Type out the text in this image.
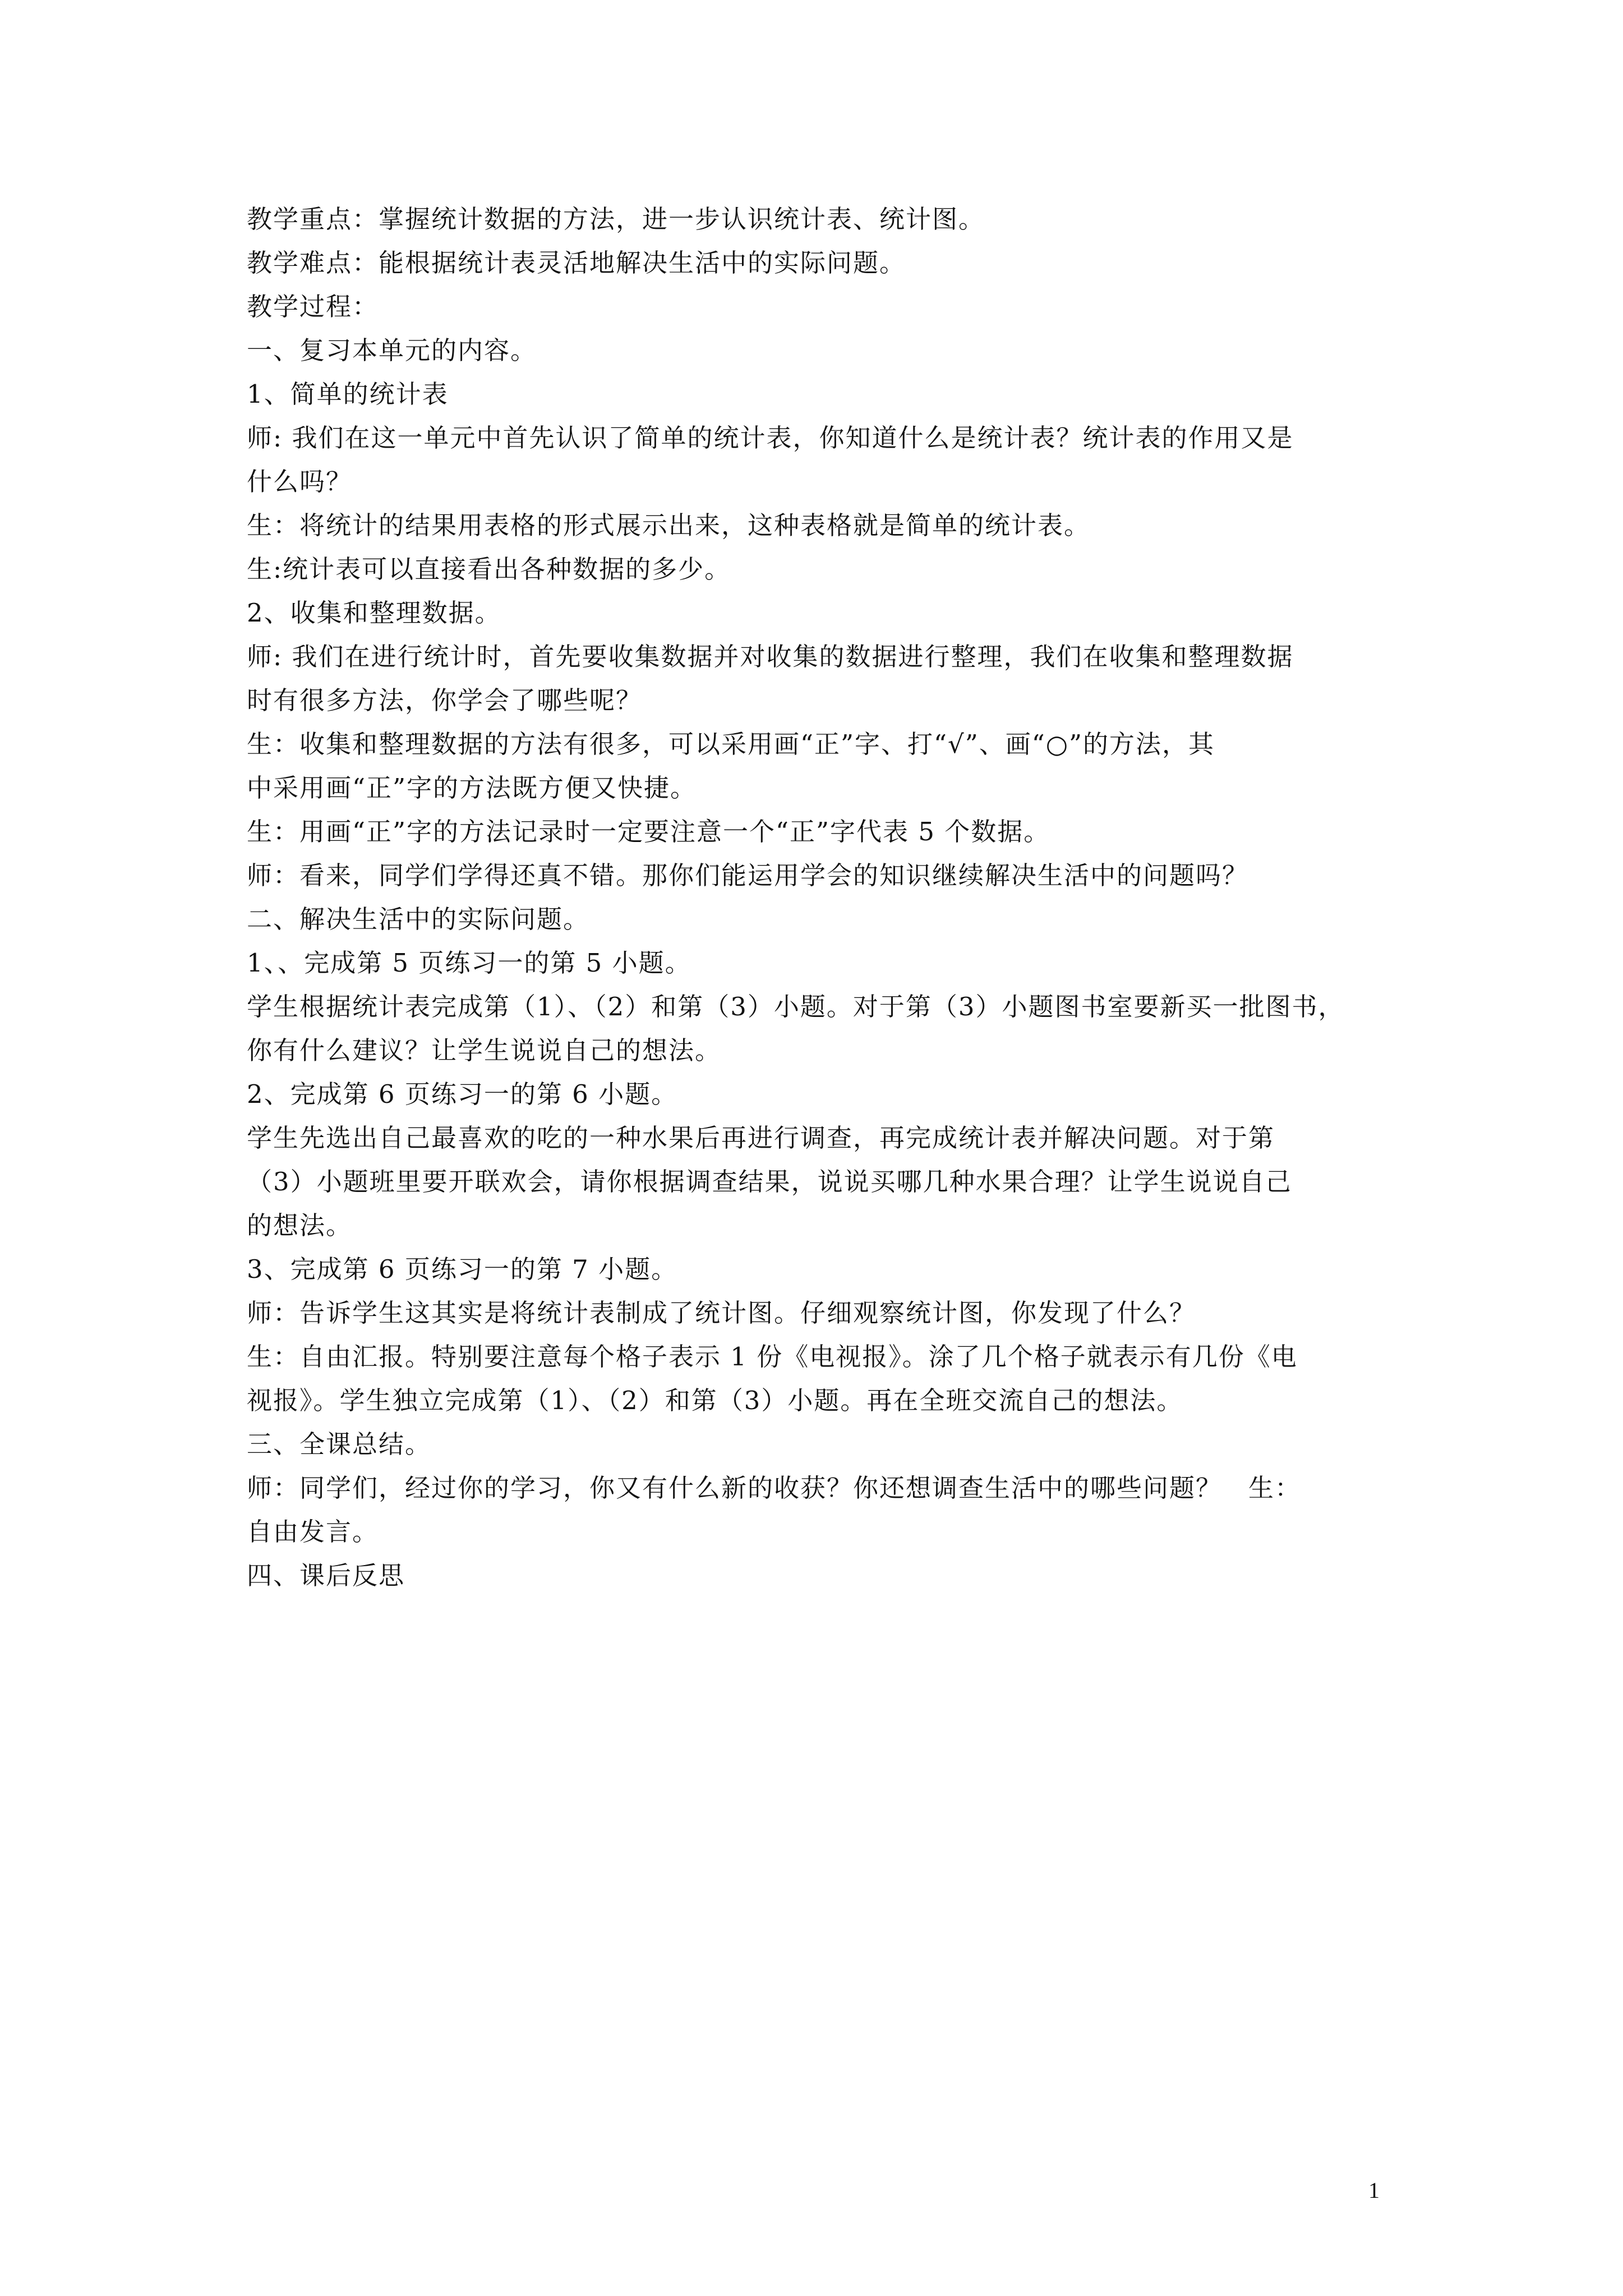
教学重点：掌握统计数据的方法，进一步认识统计表、统计图。
教学难点：能根据统计表灵活地解决生活中的实际问题。
教学过程：
一、复习本单元的内容。
1、简单的统计表
师: 我们在这一单元中首先认识了简单的统计表，你知道什么是统计表？统计表的作用又是
什么吗？
生：将统计的结果用表格的形式展示出来，这种表格就是简单的统计表。
生:统计表可以直接看出各种数据的多少。
2、收集和整理数据。
师: 我们在进行统计时，首先要收集数据并对收集的数据进行整理，我们在收集和整理数据
时有很多方法，你学会了哪些呢？
生：收集和整理数据的方法有很多，可以采用画“正”字、打“√”、画“○”的方法，其
中采用画“正”字的方法既方便又快捷。
生：用画“正”字的方法记录时一定要注意一个“正”字代表 5 个数据。
师：看来，同学们学得还真不错。那你们能运用学会的知识继续解决生活中的问题吗？
二、解决生活中的实际问题。
1、、完成第 5 页练习一的第 5 小题。
学生根据统计表完成第（1）、（2）和第（3）小题。对于第（3）小题图书室要新买一批图书，
你有什么建议？让学生说说自己的想法。
2、完成第 6 页练习一的第 6 小题。
学生先选出自己最喜欢的吃的一种水果后再进行调查，再完成统计表并解决问题。对于第
（3）小题班里要开联欢会，请你根据调查结果，说说买哪几种水果合理？让学生说说自己
的想法。
3、完成第 6 页练习一的第 7 小题。
师：告诉学生这其实是将统计表制成了统计图。仔细观察统计图，你发现了什么？
生：自由汇报。特别要注意每个格子表示 1 份《电视报》。涂了几个格子就表示有几份《电
视报》。学生独立完成第（1）、（2）和第（3）小题。再在全班交流自己的想法。
三、全课总结。
师：同学们，经过你的学习，你又有什么新的收获？你还想调查生活中的哪些问题？　生：
自由发言。
四、课后反思
1
